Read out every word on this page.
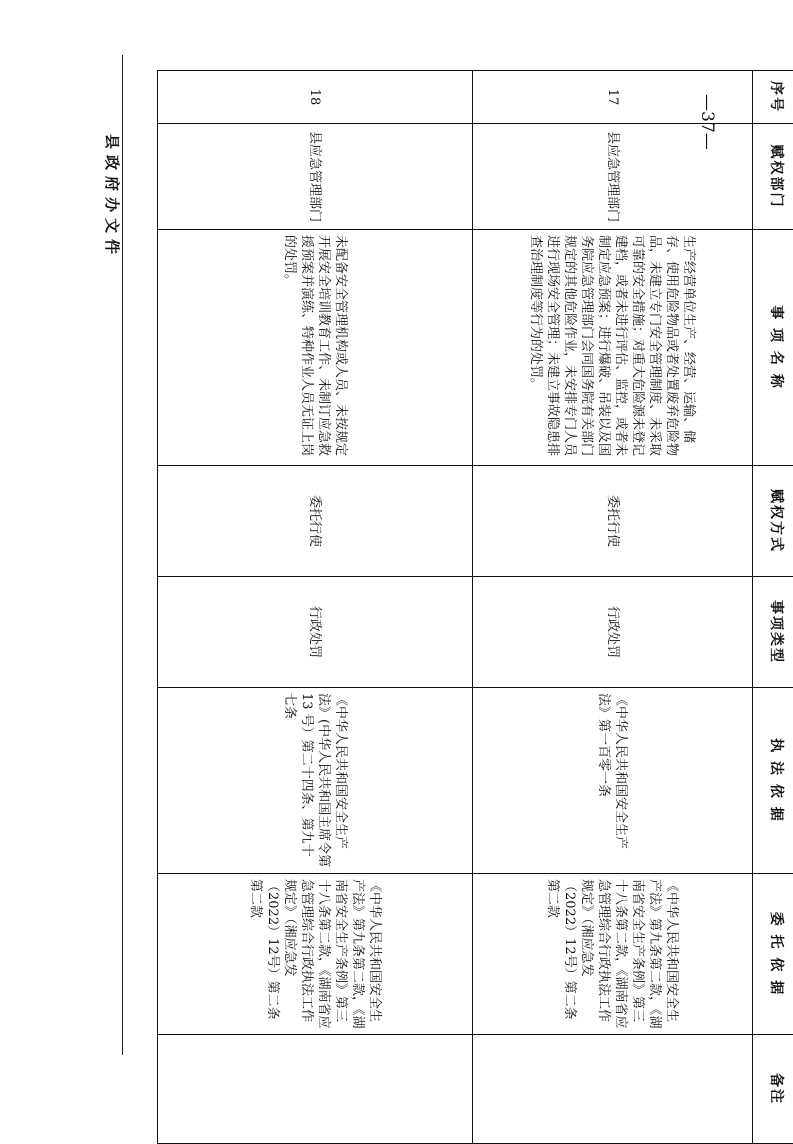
县政府办文件
—37—	序号	赋权部门	事 项 名 称	赋权方式	事项类型	执 法 依 据	委 托 依 据	备注
17	县应急管理部门	生产经营单位生产、经营、运输、储存、使用危险物品或者处置废弃危险物品，未建立专门安全管理制度、未采取可靠的安全措施；对重大危险源未登记建档，或者未进行评估、监控，或者未制定应急预案；进行爆破、吊装以及国务院应急管理部门会同国务院有关部门规定的其他危险作业，未安排专门人员进行现场安全管理；未建立事故隐患排查治理制度等行为的处罚。	委托行使	行政处罚	《中华人民共和国安全生产法》第一百零一条	《中华人民共和国安全生产法》第九条第二款，《湖南省安全生产条例》第三十八条第二款，《湖南省应急管理综合行政执法工作规定》（湘应急发（2022）12号）第二条第二款	
18	县应急管理部门	未配备安全管理机构或人员、未按规定开展安全培训教育工作、未制订应急救援预案并演练、特种作业人员无证上岗的处罚。	委托行使	行政处罚	《中华人民共和国安全生产法》(中华人民共和国主席令第 13 号）第二十四条、第九十七条	《中华人民共和国安全生产法》第九条第二款，《湖南省安全生产条例》第三十八条第二款，《湖南省应急管理综合行政执法工作规定》（湘应急发（2022）12号）第二条第二款	
